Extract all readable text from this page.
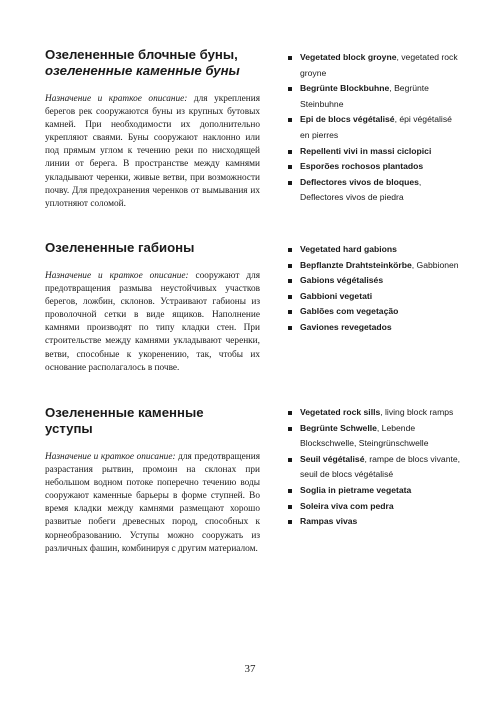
Озелененные блочные буны,
озелененные каменные буны

Назначение и краткое описание: для укрепления берегов рек сооружаются буны из крупных бутовых камней. При необходимости их дополнительно укрепляют сваями. Буны сооружают наклонно или под прямым углом к течению реки по нисходящей линии от берега. В пространстве между камнями укладывают черенки, живые ветви, при возможности почву. Для предохранения черенков от вымывания их уплотняют соломой.

Vegetated block groyne, vegetated rock groyne
Begrünte Blockbuhne, Begrünte Steinbuhne
Epi de blocs végétalisé, épi végétalisé en pierres
Repellenti vivi in massi ciclopici
Esporões rochosos plantados
Deflectores vivos de bloques, Deflectores vivos de piedra
Озелененные габионы

Назначение и краткое описание: сооружают для предотвращения размыва неустойчивых участков берегов, ложбин, склонов. Устраивают габионы из проволочной сетки в виде ящиков. Наполнение камнями производят по типу кладки стен. При строительстве между камнями укладывают черенки, ветви, способные к укоренению, так, чтобы их основание располагалось в почве.

Vegetated hard gabions
Bepflanzte Drahtsteinkörbe, Gabbionen
Gabions végétalisés
Gabbioni vegetati
Gablões com vegetação
Gaviones revegetados
Озелененные каменные уступы

Назначение и краткое описание: для предотвращения разрастания рытвин, промоин на склонах при небольшом водном потоке поперечно течению воды сооружают каменные барьеры в форме ступней. Во время кладки между камнями размещают хорошо развитые побеги древесных пород, способных к корнеобразованию. Уступы можно сооружать из различных фашин, комбинируя с другим материалом.

Vegetated rock sills, living block ramps
Begrünte Schwelle, Lebende Blockschwelle, Steingrünschwelle
Seuil végétalisé, rampe de blocs vivante, seuil de blocs végétalisé
Soglia in pietrame vegetata
Soleira viva com pedra
Rampas vivas
37
